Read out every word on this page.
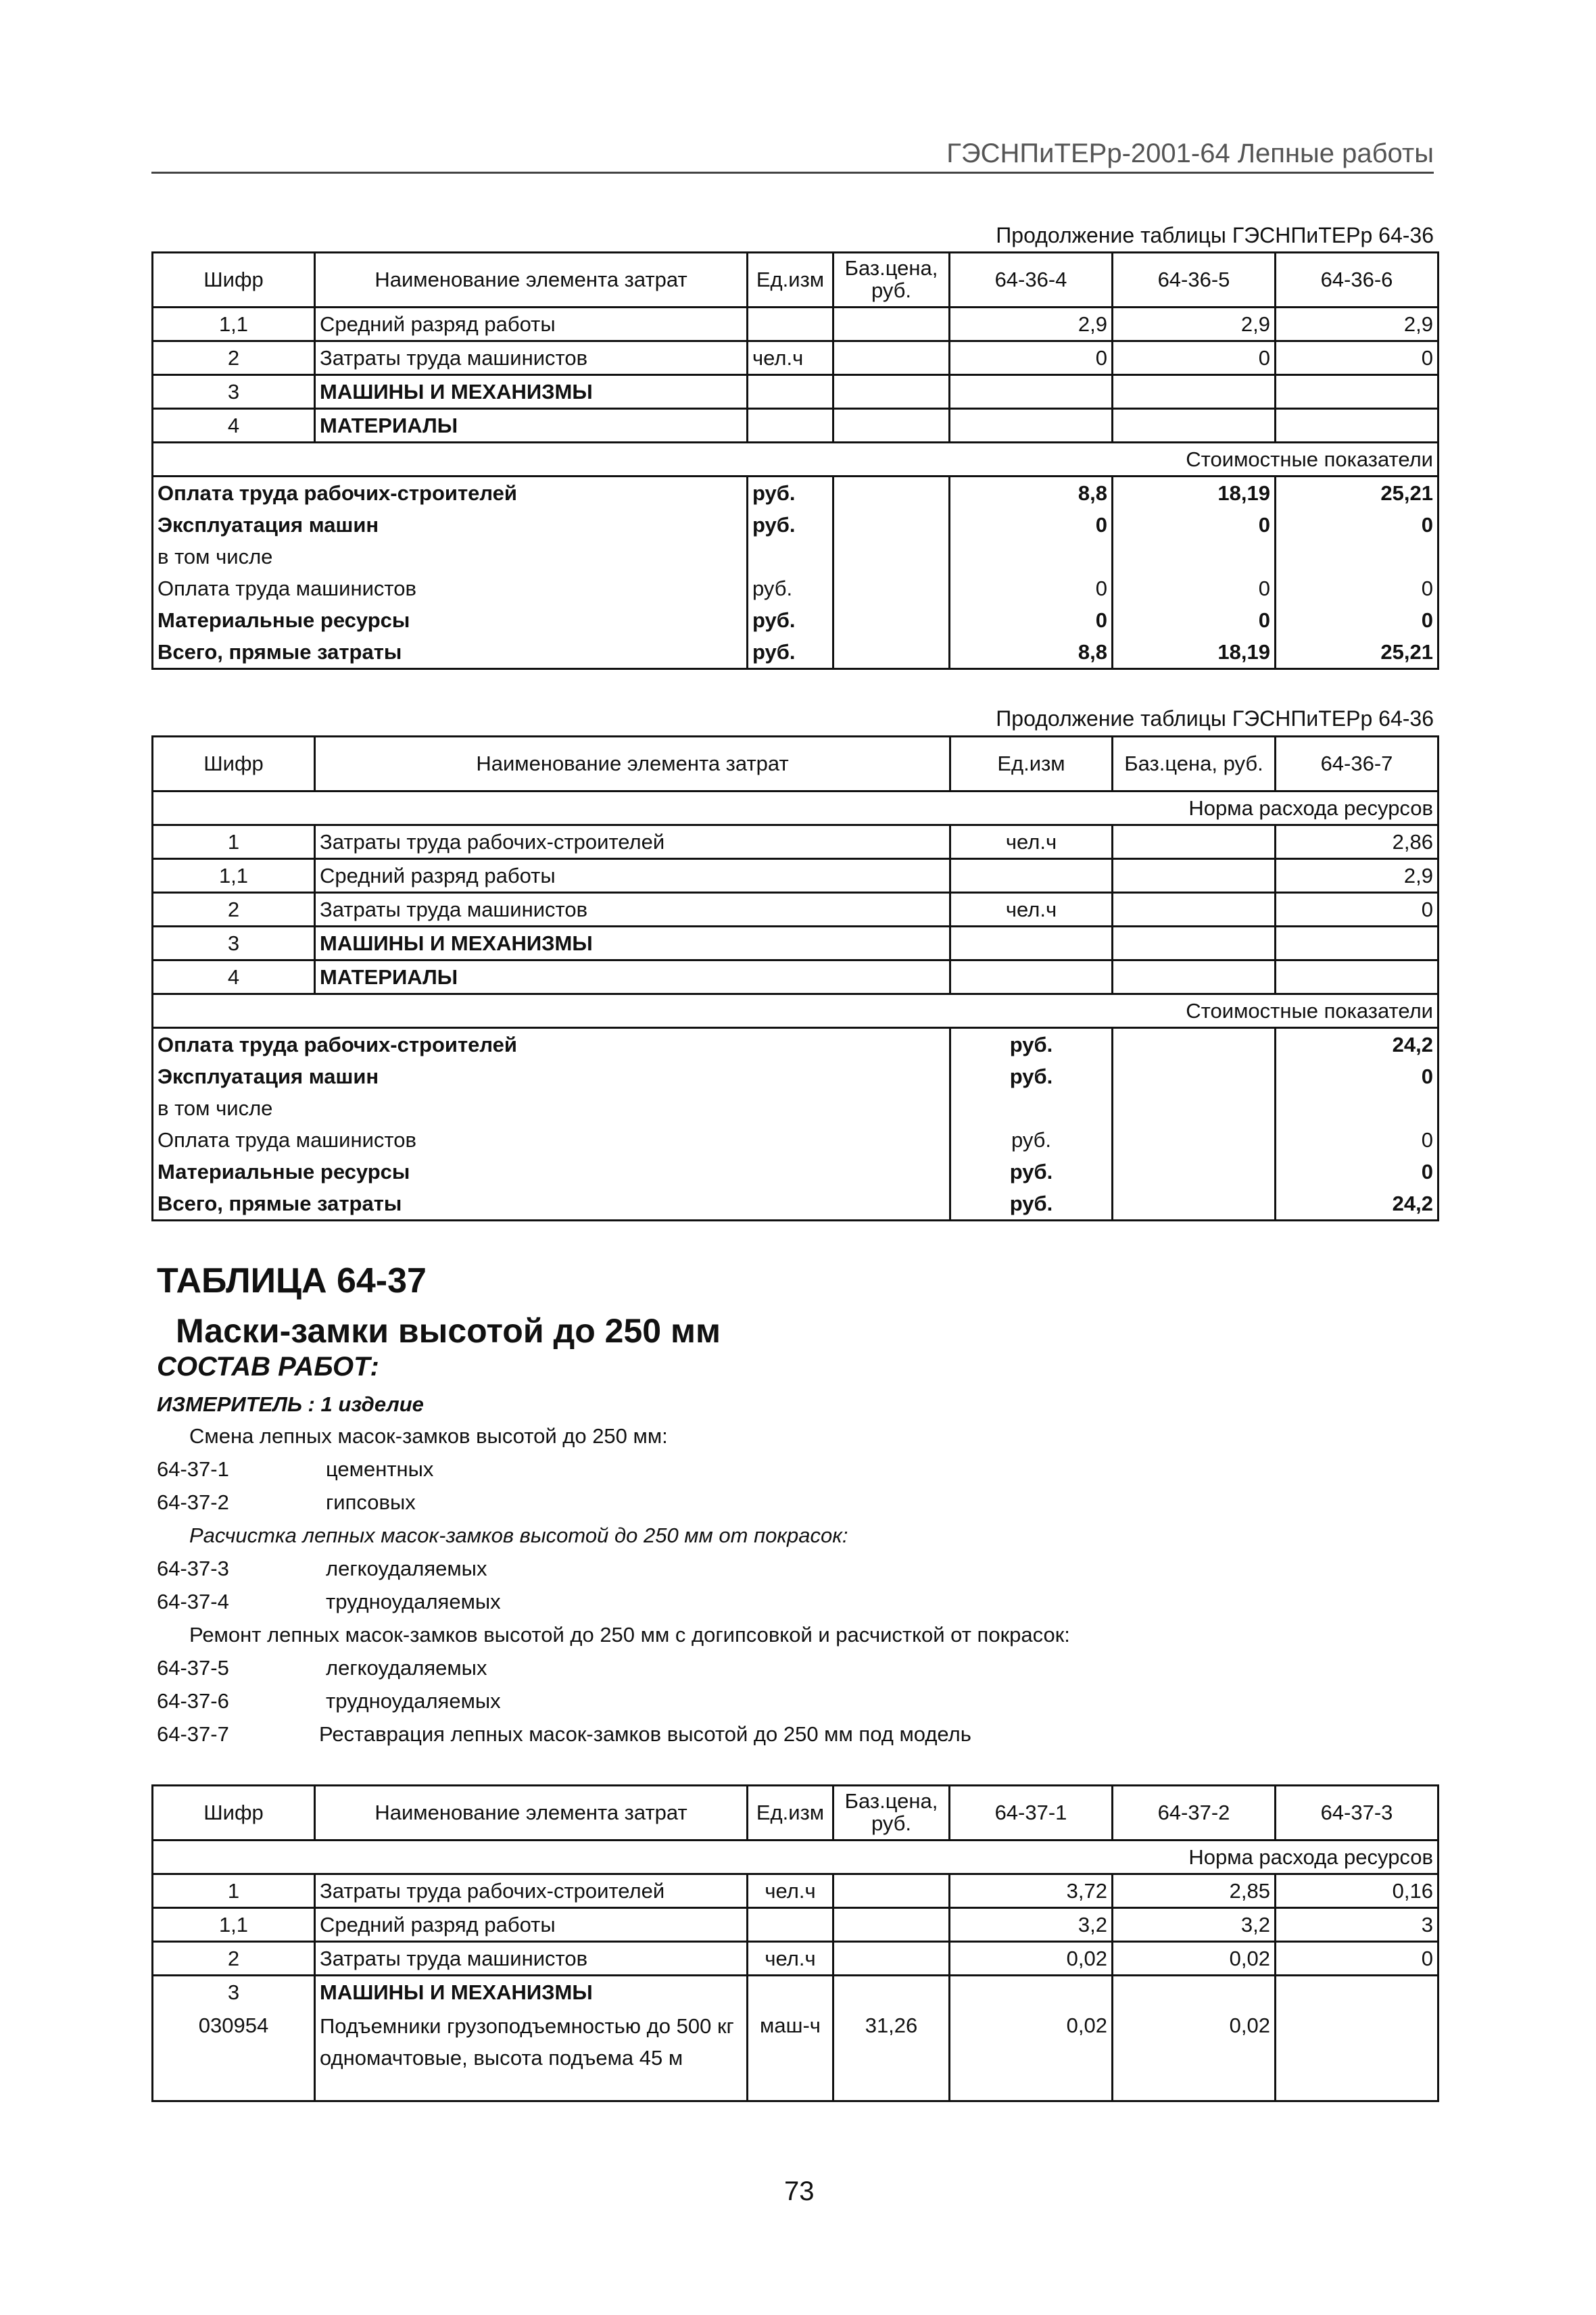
ГЭСНПиТЕРр-2001-64 Лепные работы
Продолжение таблицы ГЭСНПиТЕРр 64-36
Шифр	Наименование элемента затрат	Ед.изм	Баз.цена, руб.	64-36-4	64-36-5	64-36-6
1,1	Средний разряд работы			2,9	2,9	2,9
2	Затраты труда машинистов	чел.ч		0	0	0
3	МАШИНЫ И МЕХАНИЗМЫ					
4	МАТЕРИАЛЫ					
Стоимостные показатели						
Оплата труда рабочих-строителей		руб.		8,8	18,19	25,21
Эксплуатация машин		руб.		0	0	0
в том числе						
Оплата труда машинистов		руб.		0	0	0
Материальные ресурсы		руб.		0	0	0
Всего, прямые затраты		руб.		8,8	18,19	25,21
Продолжение таблицы ГЭСНПиТЕРр 64-36
Шифр	Наименование элемента затрат	Ед.изм	Баз.цена, руб.	64-36-7
Норма расхода ресурсов				
1	Затраты труда рабочих-строителей	чел.ч		2,86
1,1	Средний разряд работы			2,9
2	Затраты труда машинистов	чел.ч		0
3	МАШИНЫ И МЕХАНИЗМЫ			
4	МАТЕРИАЛЫ			
Стоимостные показатели				
Оплата труда рабочих-строителей		руб.		24,2
Эксплуатация машин		руб.		0
в том числе				
Оплата труда машинистов		руб.		0
Материальные ресурсы		руб.		0
Всего, прямые затраты		руб.		24,2
ТАБЛИЦА 64-37
Маски-замки высотой до 250 мм
СОСТАВ РАБОТ:
ИЗМЕРИТЕЛЬ : 1 изделие
Смена лепных масок-замков высотой до 250 мм:
64-37-1	цементных
64-37-2	гипсовых
Расчистка лепных масок-замков высотой до 250 мм от покрасок:
64-37-3	легкоудаляемых
64-37-4	трудноудаляемых
Ремонт лепных масок-замков высотой до 250 мм с догипсовкой и расчисткой от покрасок:
64-37-5	легкоудаляемых
64-37-6	трудноудаляемых
64-37-7	Реставрация лепных масок-замков высотой до 250 мм под модель
Шифр	Наименование элемента затрат	Ед.изм	Баз.цена, руб.	64-37-1	64-37-2	64-37-3
Норма расхода ресурсов						
1	Затраты труда рабочих-строителей	чел.ч		3,72	2,85	0,16
1,1	Средний разряд работы			3,2	3,2	3
2	Затраты труда машинистов	чел.ч		0,02	0,02	0
3	МАШИНЫ И МЕХАНИЗМЫ					
030954	Подъемники грузоподъемностью до 500 кг одномачтовые, высота подъема 45 м	маш-ч	31,26	0,02	0,02	
73
